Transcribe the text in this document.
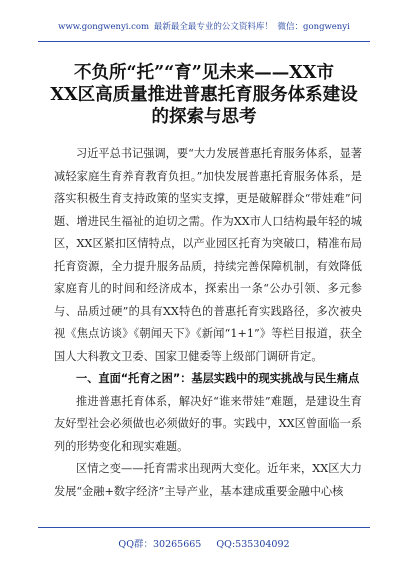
www.gongwenyi.com 最新最全最专业的公文资料库！ 微信：gongwenyi
不负所“托”“育”见未来——XX市
XX区高质量推进普惠托育服务体系建设
的探索与思考

习近平总书记强调，要“大力发展普惠托育服务体系，显著减轻家庭生育养育教育负担。”加快发展普惠托育服务体系，是落实积极生育支持政策的坚实支撑，更是破解群众“带娃难”问题、增进民生福祉的迫切之需。作为XX市人口结构最年轻的城区，XX区紧扣区情特点，以产业园区托育为突破口，精准布局托育资源，全力提升服务品质，持续完善保障机制，有效降低家庭育儿的时间和经济成本，探索出一条“公办引领、多元参与、品质过硬”的具有XX特色的普惠托育实践路径，多次被央视《焦点访谈》《朝闻天下》《新闻“1+1”》等栏目报道，获全国人大科教文卫委、国家卫健委等上级部门调研肯定。

一、直面“托育之困”：基层实践中的现实挑战与民生痛点

推进普惠托育体系，解决好“谁来带娃”难题，是建设生育友好型社会必须做也必须做好的事。实践中，XX区曾面临一系列的形势变化和现实难题。

区情之变——托育需求出现两大变化。近年来，XX区大力发展“金融+数字经济”主导产业，基本建成重要金融中心核

QQ群：30265665 QQ:535304092
